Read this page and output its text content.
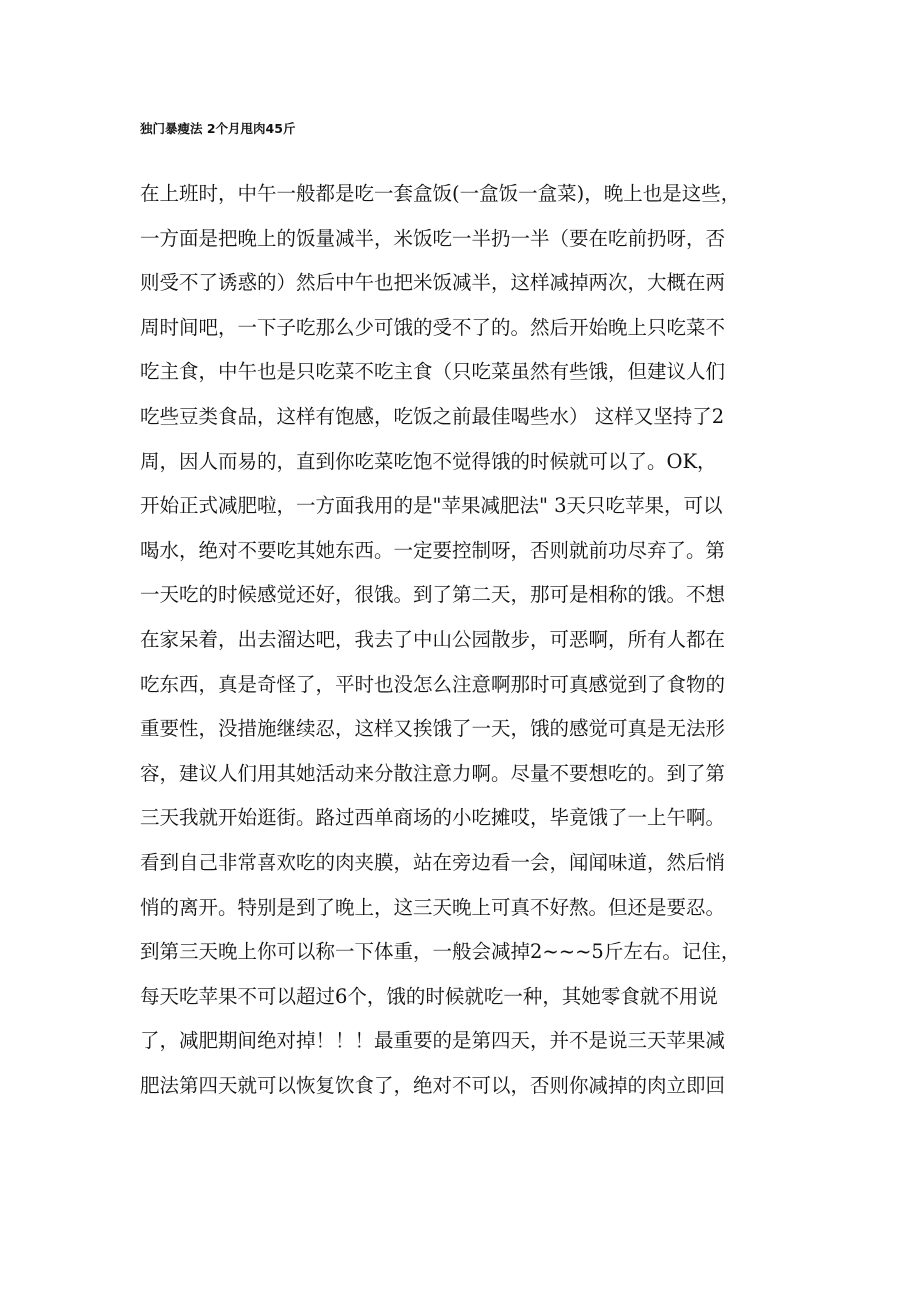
独门暴瘦法 2个月甩肉45斤
在上班时，中午一般都是吃一套盒饭(一盒饭一盒菜)，晚上也是这些，
一方面是把晚上的饭量减半，米饭吃一半扔一半（要在吃前扔呀，否
则受不了诱惑的）然后中午也把米饭减半，这样减掉两次，大概在两
周时间吧，一下子吃那么少可饿的受不了的。然后开始晚上只吃菜不
吃主食，中午也是只吃菜不吃主食（只吃菜虽然有些饿，但建议人们
吃些豆类食品，这样有饱感，吃饭之前最佳喝些水） 这样又坚持了2
周，因人而易的，直到你吃菜吃饱不觉得饿的时候就可以了。OK，
开始正式减肥啦，一方面我用的是"苹果减肥法" 3天只吃苹果，可以
喝水，绝对不要吃其她东西。一定要控制呀，否则就前功尽弃了。第
一天吃的时候感觉还好，很饿。到了第二天，那可是相称的饿。不想
在家呆着，出去溜达吧，我去了中山公园散步，可恶啊，所有人都在
吃东西，真是奇怪了，平时也没怎么注意啊那时可真感觉到了食物的
重要性，没措施继续忍，这样又挨饿了一天，饿的感觉可真是无法形
容，建议人们用其她活动来分散注意力啊。尽量不要想吃的。到了第
三天我就开始逛街。路过西单商场的小吃摊哎，毕竟饿了一上午啊。
看到自己非常喜欢吃的肉夹膜，站在旁边看一会，闻闻味道，然后悄
悄的离开。特别是到了晚上，这三天晚上可真不好熬。但还是要忍。
到第三天晚上你可以称一下体重，一般会减掉2~~~5斤左右。记住，
每天吃苹果不可以超过6个，饿的时候就吃一种，其她零食就不用说
了，减肥期间绝对掉！！！最重要的是第四天，并不是说三天苹果减
肥法第四天就可以恢复饮食了，绝对不可以，否则你减掉的肉立即回
